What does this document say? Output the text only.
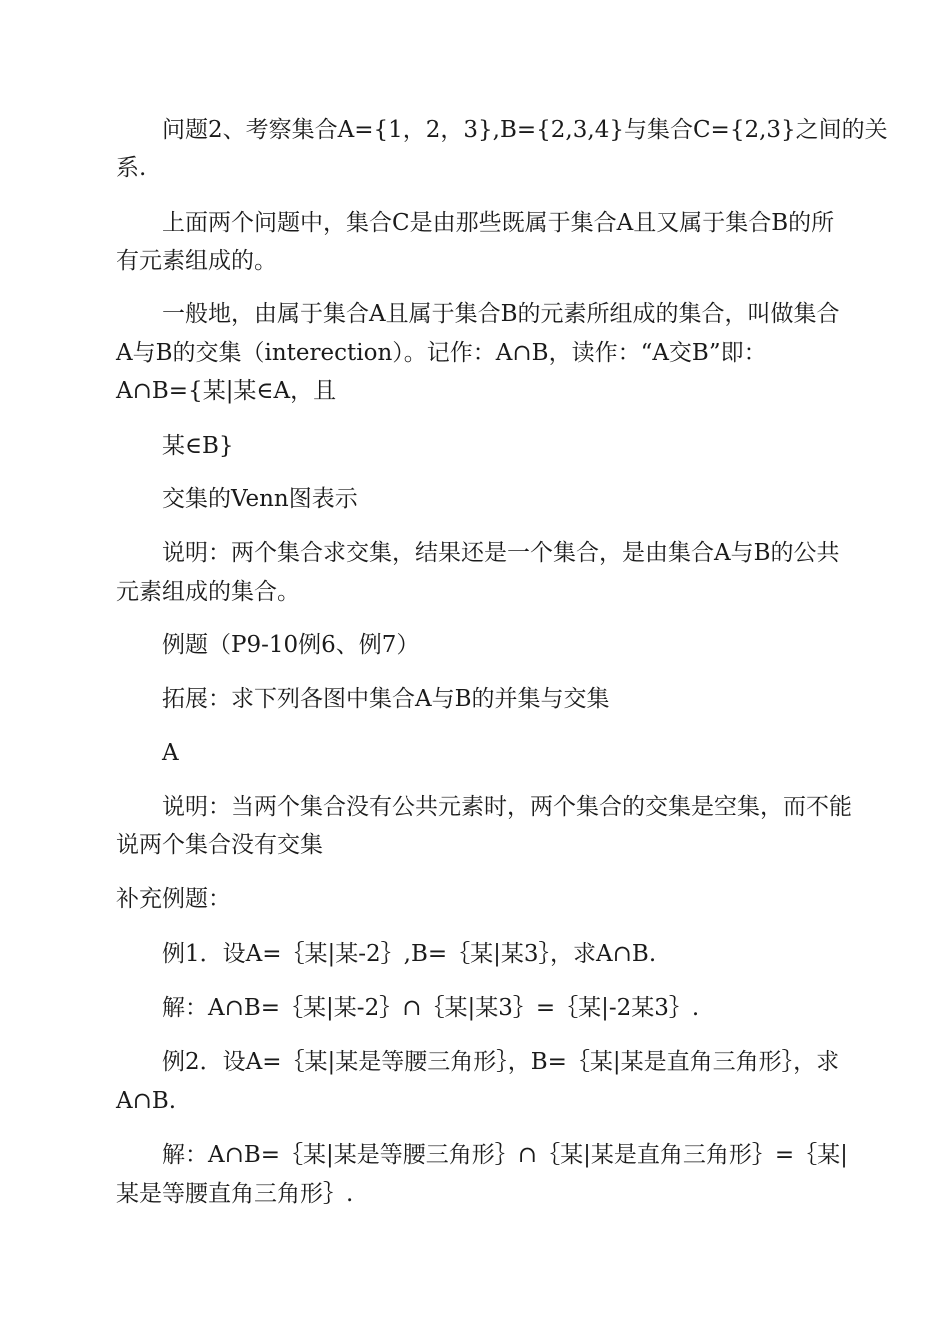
问题2、考察集合A={1，2，3},B={2,3,4}与集合C={2,3}之间的关
系.
上面两个问题中，集合C是由那些既属于集合A且又属于集合B的所
有元素组成的。
一般地，由属于集合A且属于集合B的元素所组成的集合，叫做集合
A与B的交集（interection）。记作：A∩B，读作：“A交B”即：
A∩B={某|某∈A，且
某∈B}
交集的Venn图表示
说明：两个集合求交集，结果还是一个集合，是由集合A与B的公共
元素组成的集合。
例题（P9-10例6、例7）
拓展：求下列各图中集合A与B的并集与交集
A
说明：当两个集合没有公共元素时，两个集合的交集是空集，而不能
说两个集合没有交集
补充例题：
例1．设A=｛某|某-2｝,B=｛某|某3｝，求A∩B.
解：A∩B=｛某|某-2｝∩｛某|某3｝=｛某|-2某3｝.
例2．设A=｛某|某是等腰三角形｝，B=｛某|某是直角三角形｝，求
A∩B.
解：A∩B=｛某|某是等腰三角形｝∩｛某|某是直角三角形｝=｛某|
某是等腰直角三角形｝.
